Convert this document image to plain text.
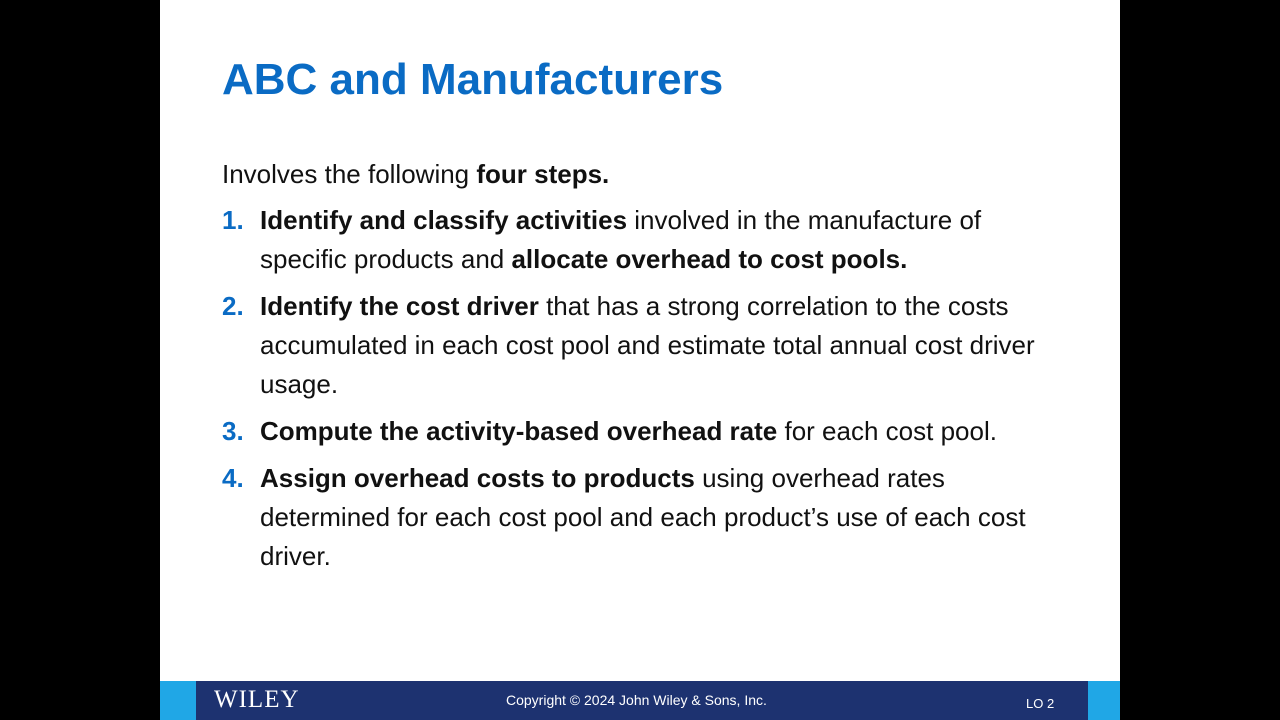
ABC and Manufacturers

Involves the following four steps.

1. Identify and classify activities involved in the manufacture of specific products and allocate overhead to cost pools.
2. Identify the cost driver that has a strong correlation to the costs accumulated in each cost pool and estimate total annual cost driver usage.
3. Compute the activity-based overhead rate for each cost pool.
4. Assign overhead costs to products using overhead rates determined for each cost pool and each product’s use of each cost driver.
WILEY	Copyright © 2024 John Wiley & Sons, Inc.	LO 2
